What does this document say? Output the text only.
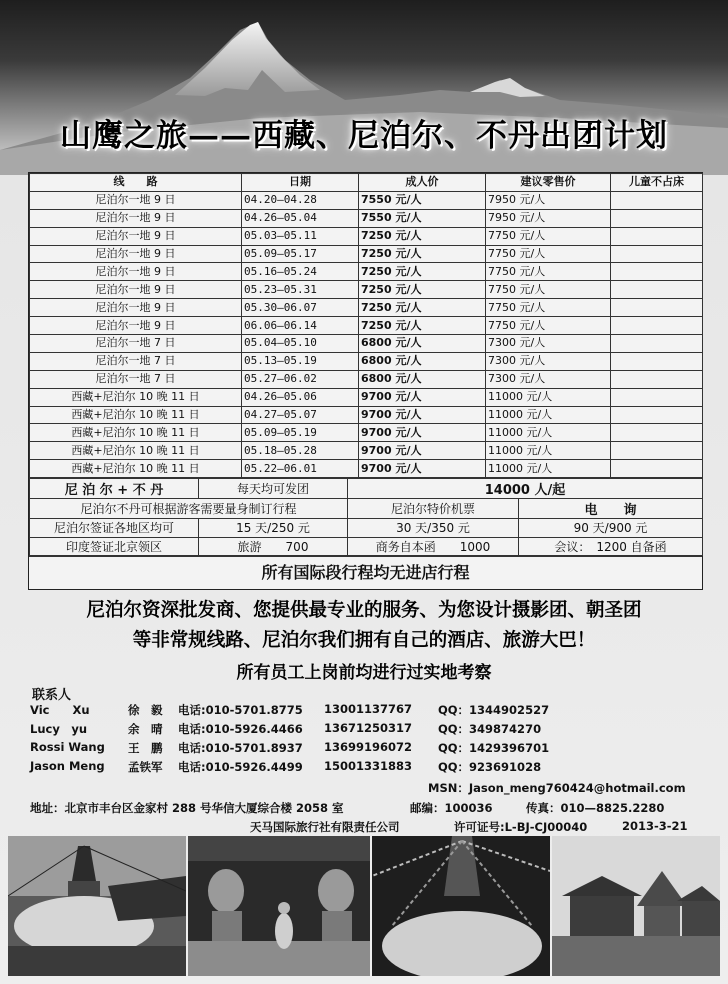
山鹰之旅——西藏、尼泊尔、不丹出团计划
线　　路	日期	成人价	建议零售价	儿童不占床
尼泊尔一地 9 日	04.20—04.28	7550 元/人	7950 元/人	
尼泊尔一地 9 日	04.26—05.04	7550 元/人	7950 元/人	
尼泊尔一地 9 日	05.03—05.11	7250 元/人	7750 元/人	
尼泊尔一地 9 日	05.09—05.17	7250 元/人	7750 元/人	
尼泊尔一地 9 日	05.16—05.24	7250 元/人	7750 元/人	
尼泊尔一地 9 日	05.23—05.31	7250 元/人	7750 元/人	
尼泊尔一地 9 日	05.30—06.07	7250 元/人	7750 元/人	
尼泊尔一地 9 日	06.06—06.14	7250 元/人	7750 元/人	
尼泊尔一地 7 日	05.04—05.10	6800 元/人	7300 元/人	
尼泊尔一地 7 日	05.13—05.19	6800 元/人	7300 元/人	
尼泊尔一地 7 日	05.27—06.02	6800 元/人	7300 元/人	
西藏+尼泊尔 10 晚 11 日	04.26—05.06	9700 元/人	11000 元/人	
西藏+尼泊尔 10 晚 11 日	04.27—05.07	9700 元/人	11000 元/人	
西藏+尼泊尔 10 晚 11 日	05.09—05.19	9700 元/人	11000 元/人	
西藏+尼泊尔 10 晚 11 日	05.18—05.28	9700 元/人	11000 元/人	
西藏+尼泊尔 10 晚 11 日	05.22—06.01	9700 元/人	11000 元/人	
尼 泊 尔 + 不 丹	每天均可发团	14000 人/起	
尼泊尔不丹可根据游客需要量身制订行程		尼泊尔特价机票	电　　询
尼泊尔签证各地区均可	15 天/250 元	30 天/350 元	90 天/900 元
印度签证北京领区	旅游　　700	商务自本函　　1000	会议：　1200 自备函
所有国际段行程均无进店行程
尼泊尔资深批发商、您提供最专业的服务、为您设计摄影团、朝圣团
等非常规线路、尼泊尔我们拥有自己的酒店、旅游大巴！
所有员工上岗前均进行过实地考察
联系人
Vic　　Xu	徐　毅 电话:010-5701.8775 13001137767 QQ：1344902527
Lucy　yu	余　晴 电话:010-5926.4466 13671250317 QQ：349874270
Rossi Wang 王　鹏 电话:010-5701.8937 13699196072 QQ：1429396701
Jason Meng 孟铁军 电话:010-5926.4499 15001331883 QQ：923691028
MSN：Jason_meng760424@hotmail.com
地址：北京市丰台区金家村 288 号华信大厦综合楼 2058 室	邮编：100036	传真：010—8825.2280
天马国际旅行社有限责任公司	许可证号:L-BJ-CJ00040	2013-3-21
